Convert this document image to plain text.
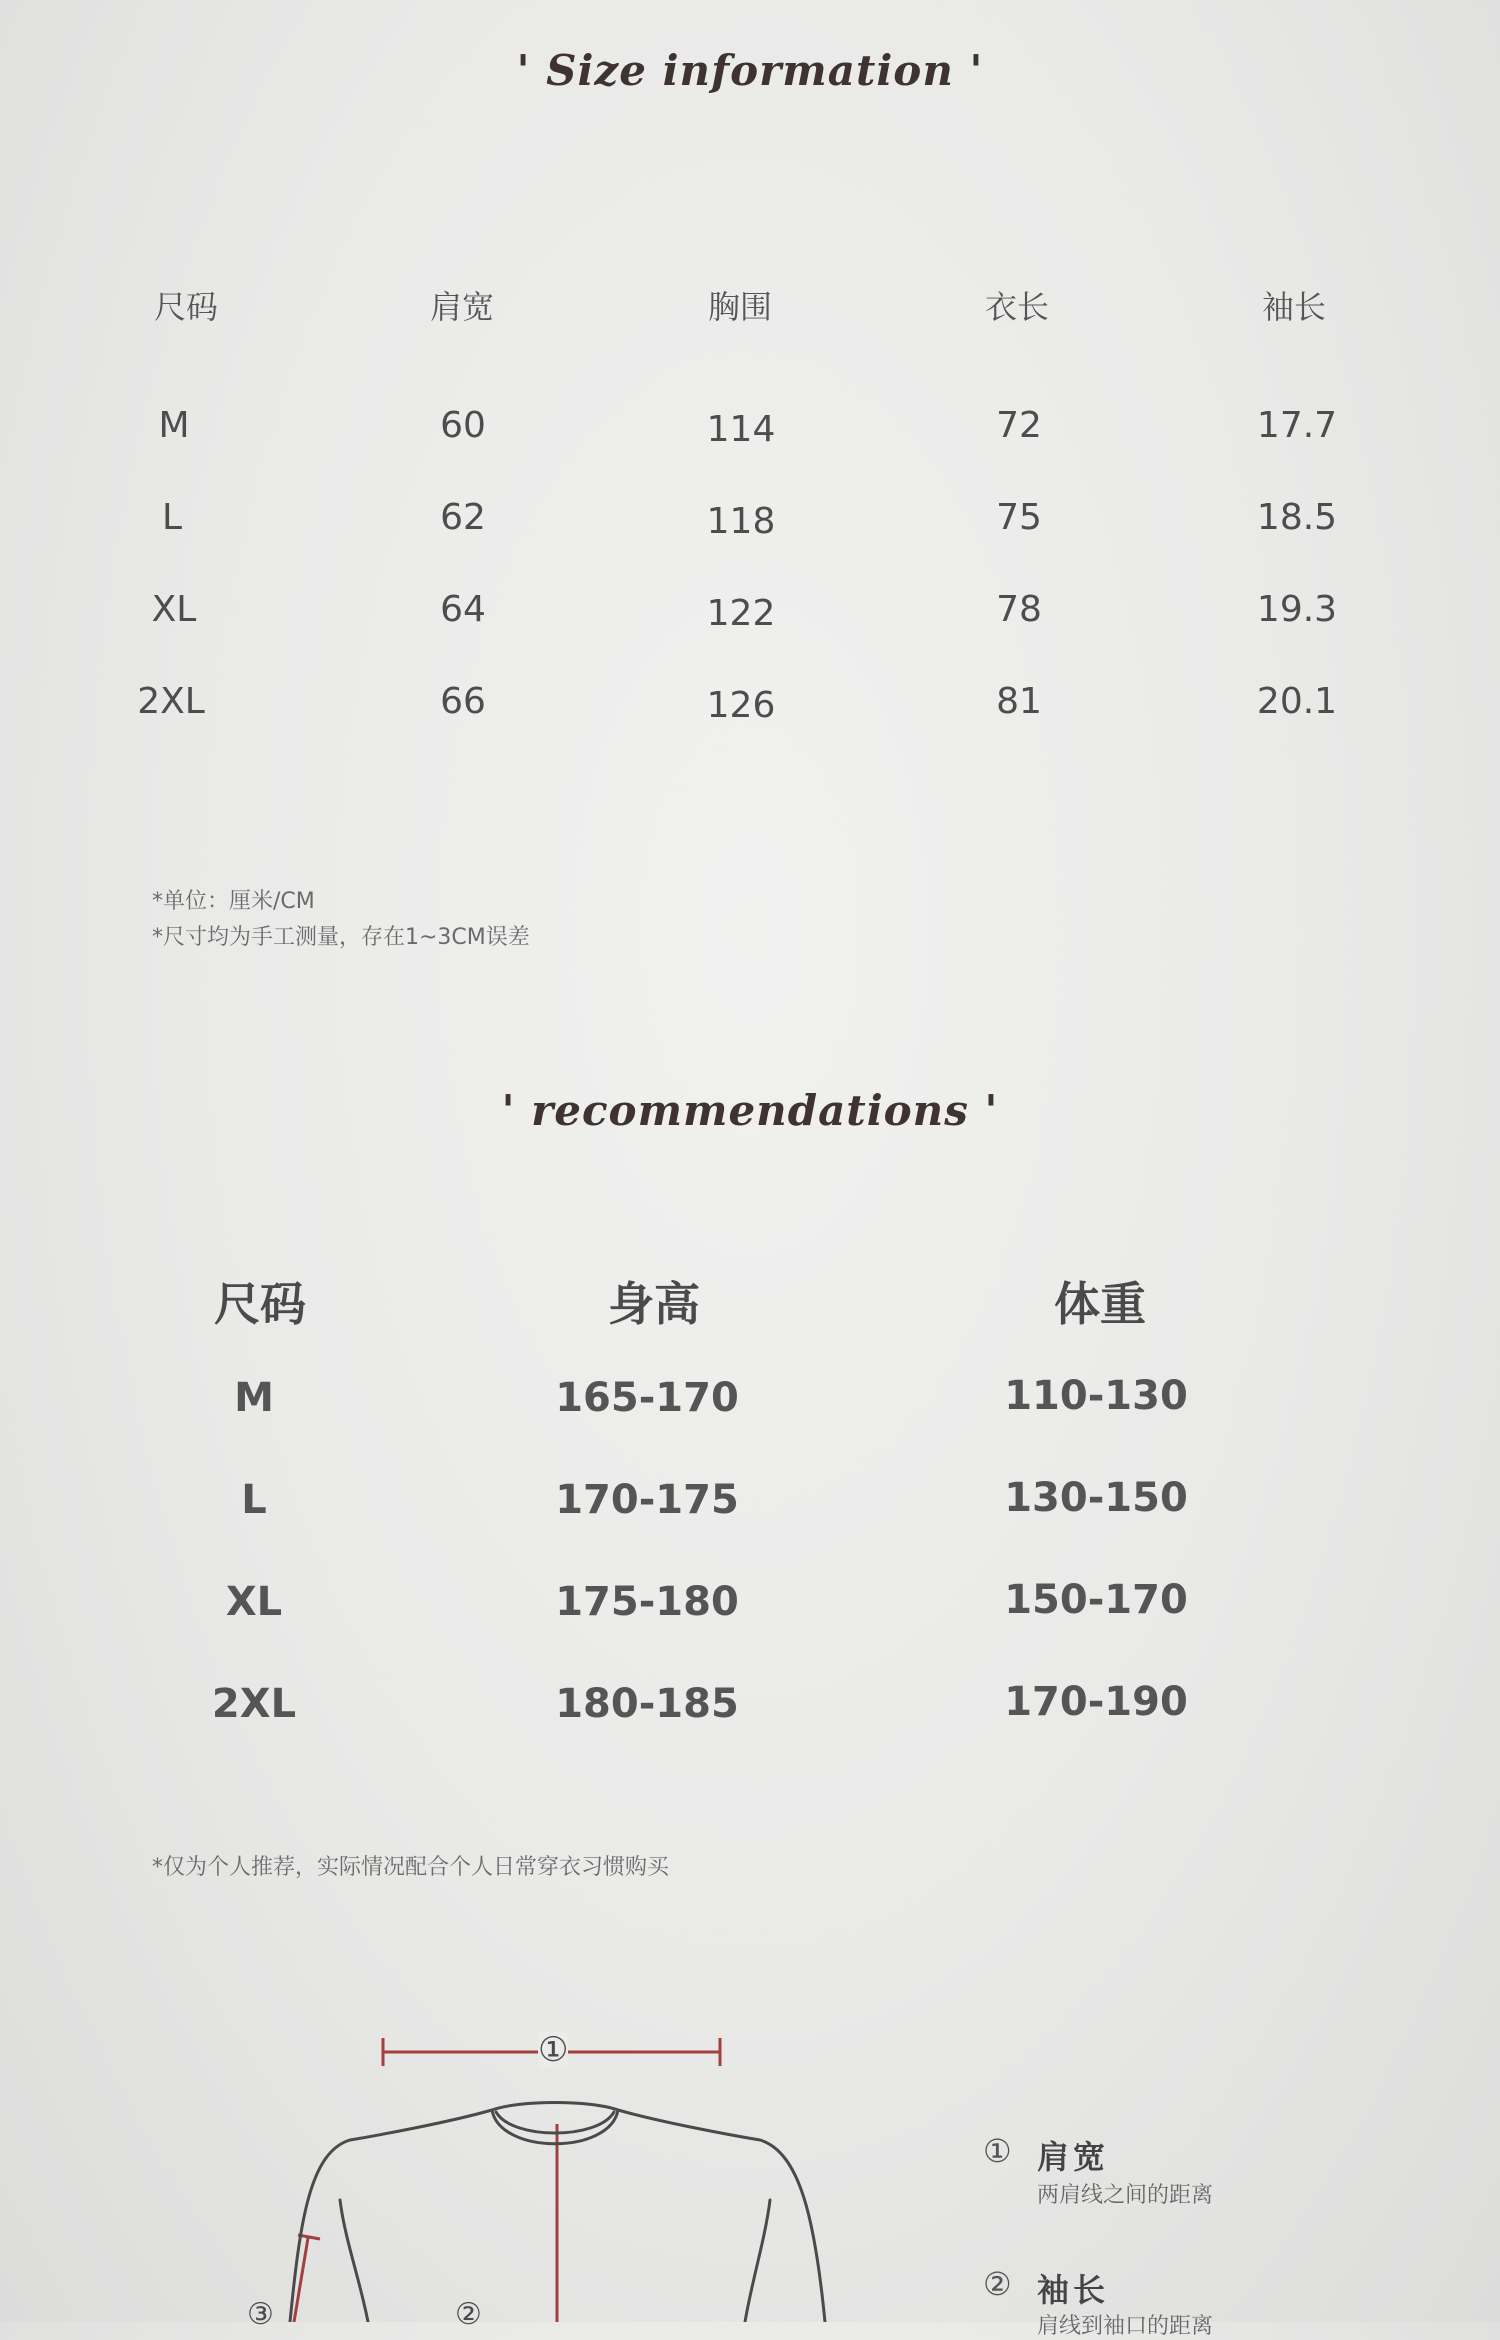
' Size information '
尺码	肩宽	胸围	衣长	袖长
M	60	114	72	17.7
L	62	118	75	18.5
XL	64	122	78	19.3
2XL	66	126	81	20.1
*单位：厘米/CM
*尺寸均为手工测量，存在1~3CM误差
' recommendations '
尺码	身高	体重
M	165-170	110-130
L	170-175	130-150
XL	175-180	150-170
2XL	180-185	170-190
*仅为个人推荐，实际情况配合个人日常穿衣习惯购买
①
③	②
① 肩宽
两肩线之间的距离
② 袖长
肩线到袖口的距离
